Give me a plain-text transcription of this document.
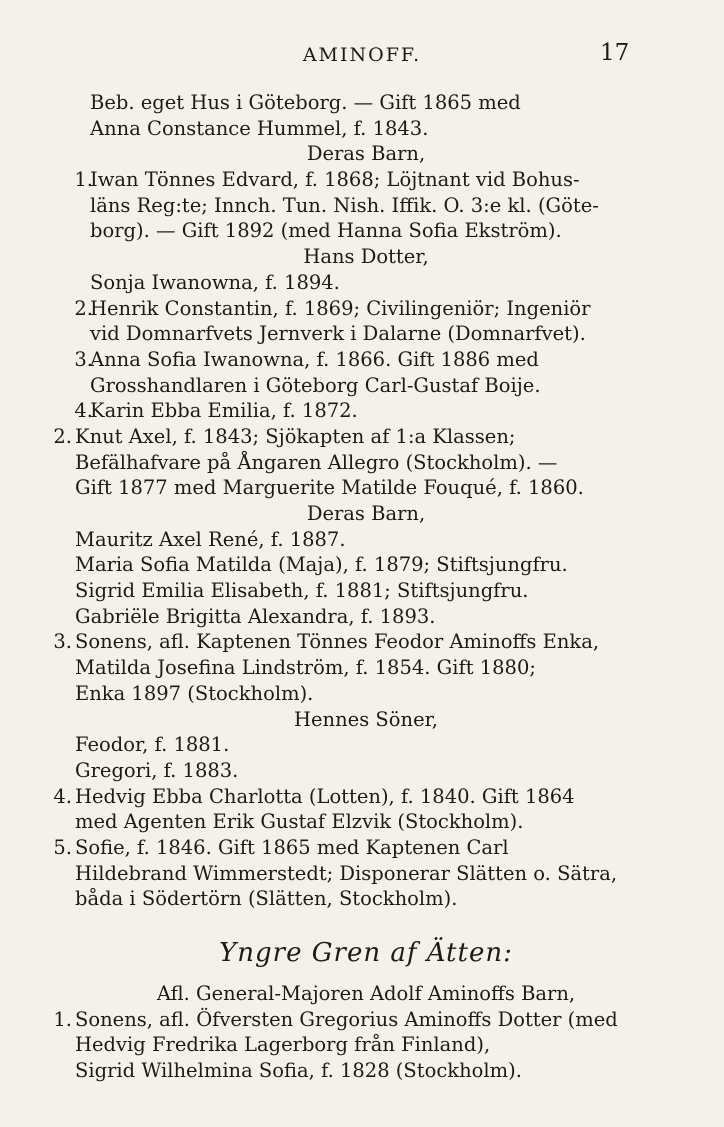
AMINOFF.	17
Beb. eget Hus i Göteborg. — Gift 1865 med
Anna Constance Hummel, f. 1843.
Deras Barn,
1.
Iwan Tönnes Edvard, f. 1868; Löjtnant vid Bohus-
läns Reg:te; Innch. Tun. Nish. Iffik. O. 3:e kl. (Göte-
borg). — Gift 1892 (med Hanna Sofia Ekström).
Hans Dotter,
Sonja Iwanowna, f. 1894.
2.
Henrik Constantin, f. 1869; Civilingeniör; Ingeniör
vid Domnarfvets Jernverk i Dalarne (Domnarfvet).
3.
Anna Sofia Iwanowna, f. 1866. Gift 1886 med
Grosshandlaren i Göteborg Carl-Gustaf Boije.
4.
Karin Ebba Emilia, f. 1872.
2. Knut Axel, f. 1843; Sjökapten af 1:a Klassen;
Befälhafvare på Ångaren Allegro (Stockholm). —
Gift 1877 med Marguerite Matilde Fouqué, f. 1860.
Deras Barn,
Mauritz Axel René, f. 1887.
Maria Sofia Matilda (Maja), f. 1879; Stiftsjungfru.
Sigrid Emilia Elisabeth, f. 1881; Stiftsjungfru.
Gabriële Brigitta Alexandra, f. 1893.
3. Sonens, afl. Kaptenen Tönnes Feodor Aminoffs Enka,
Matilda Josefina Lindström, f. 1854. Gift 1880;
Enka 1897 (Stockholm).
Hennes Söner,
Feodor, f. 1881.
Gregori, f. 1883.
4. Hedvig Ebba Charlotta (Lotten), f. 1840. Gift 1864
med Agenten Erik Gustaf Elzvik (Stockholm).
5. Sofie, f. 1846. Gift 1865 med Kaptenen Carl
Hildebrand Wimmerstedt; Disponerar Slätten o. Sätra,
båda i Södertörn (Slätten, Stockholm).
Yngre Gren af Ätten:
Afl. General-Majoren Adolf Aminoffs Barn,
1. Sonens, afl. Öfversten Gregorius Aminoffs Dotter (med
Hedvig Fredrika Lagerborg från Finland),
Sigrid Wilhelmina Sofia, f. 1828 (Stockholm).
